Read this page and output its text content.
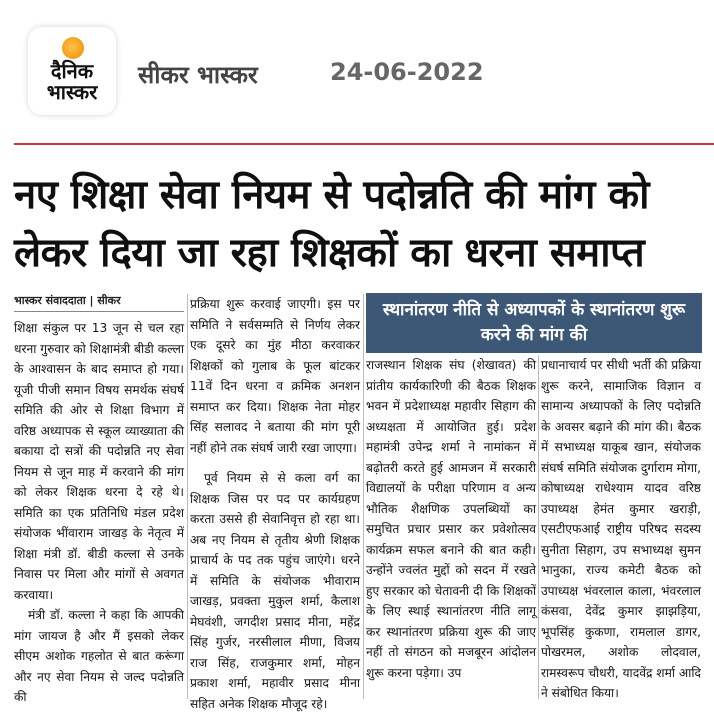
दैनिक
भास्कर
सीकर भास्कर	24-06-2022
नए शिक्षा सेवा नियम से पदोन्नति की मांग को लेकर दिया जा रहा शिक्षकों का धरना समाप्त
भास्कर संवाददाता | सीकर

शिक्षा संकुल पर 13 जून से चल रहा धरना गुरुवार को शिक्षामंत्री बीडी कल्ला के आश्वासन के बाद समाप्त हो गया। यूजी पीजी समान विषय समर्थक संघर्ष समिति की ओर से शिक्षा विभाग में वरिष्ठ अध्यापक से स्कूल व्याख्याता की बकाया दो सत्रों की पदोन्नति नए सेवा नियम से जून माह में करवाने की मांग को लेकर शिक्षक धरना दे रहे थे। समिति का एक प्रतिनिधि मंडल प्रदेश संयोजक भींवाराम जाखड़ के नेतृत्व में शिक्षा मंत्री डॉ. बीडी कल्ला से उनके निवास पर मिला और मांगों से अवगत करवाया।

मंत्री डॉ. कल्ला ने कहा कि आपकी मांग जायज है और मैं इसको लेकर सीएम अशोक गहलोत से बात करूंगा और नए सेवा नियम से जल्द पदोन्नति की

प्रक्रिया शुरू करवाई जाएगी। इस पर समिति ने सर्वसम्मति से निर्णय लेकर एक दूसरे का मुंह मीठा करवाकर शिक्षकों को गुलाब के फूल बांटकर 11वें दिन धरना व क्रमिक अनशन समाप्त कर दिया। शिक्षक नेता मोहर सिंह सलावद ने बताया की मांग पूरी नहीं होने तक संघर्ष जारी रखा जाएगा।

पूर्व नियम से से कला वर्ग का शिक्षक जिस पर पद पर कार्यग्रहण करता उससे ही सेवानिवृत्त हो रहा था। अब नए नियम से तृतीय श्रेणी शिक्षक प्राचार्य के पद तक पहुंच जाएंगे। धरने में समिति के संयोजक भीवाराम जाखड़, प्रवक्ता मुकुल शर्मा, कैलाश मेघवंशी, जगदीश प्रसाद मीना, महेंद्र सिंह गुर्जर, नरसीलाल मीणा, विजय राज सिंह, राजकुमार शर्मा, मोहन प्रकाश शर्मा, महावीर प्रसाद मीना सहित अनेक शिक्षक मौजूद रहे।

स्थानांतरण नीति से अध्यापकों के स्थानांतरण शुरू करने की मांग की

राजस्थान शिक्षक संघ (शेखावत) की प्रांतीय कार्यकारिणी की बैठक शिक्षक भवन में प्रदेशाध्यक्ष महावीर सिहाग की अध्यक्षता में आयोजित हुई। प्रदेश महामंत्री उपेन्द्र शर्मा ने नामांकन में बढ़ोतरी करते हुई आमजन में सरकारी विद्यालयों के परीक्षा परिणाम व अन्य भौतिक शैक्षणिक उपलब्धियों का समुचित प्रचार प्रसार कर प्रवेशोत्सव कार्यक्रम सफल बनाने की बात कही। उन्होंने ज्वलंत मुद्दों को सदन में रखते हुए सरकार को चेतावनी दी कि शिक्षकों के लिए स्थाई स्थानांतरण नीति लागू कर स्थानांतरण प्रक्रिया शुरू की जाए नहीं तो संगठन को मजबूरन आंदोलन शुरू करना पड़ेगा। उप

प्रधानाचार्य पर सीधी भर्ती की प्रक्रिया शुरू करने, सामाजिक विज्ञान व सामान्य अध्यापकों के लिए पदोन्नति के अवसर बढ़ाने की मांग की। बैठक में सभाध्यक्ष याकूब खान, संयोजक संघर्ष समिति संयोजक दुर्गाराम मोगा, कोषाध्यक्ष राधेश्याम यादव वरिष्ठ उपाध्यक्ष हेमंत कुमार खराड़ी, एसटीएफआई राष्ट्रीय परिषद सदस्य सुनीता सिहाग, उप सभाध्यक्ष सुमन भानुका, राज्य कमेटी बैठक को उपाध्यक्ष भंवरलाल काला, भंवरलाल कंसवा, देवेंद्र कुमार झाझड़िया, भूपसिंह कुकणा, रामलाल डागर, पोखरमल, अशोक लोदवाल, रामस्वरूप चौधरी, यादवेंद्र शर्मा आदि ने संबोधित किया।
